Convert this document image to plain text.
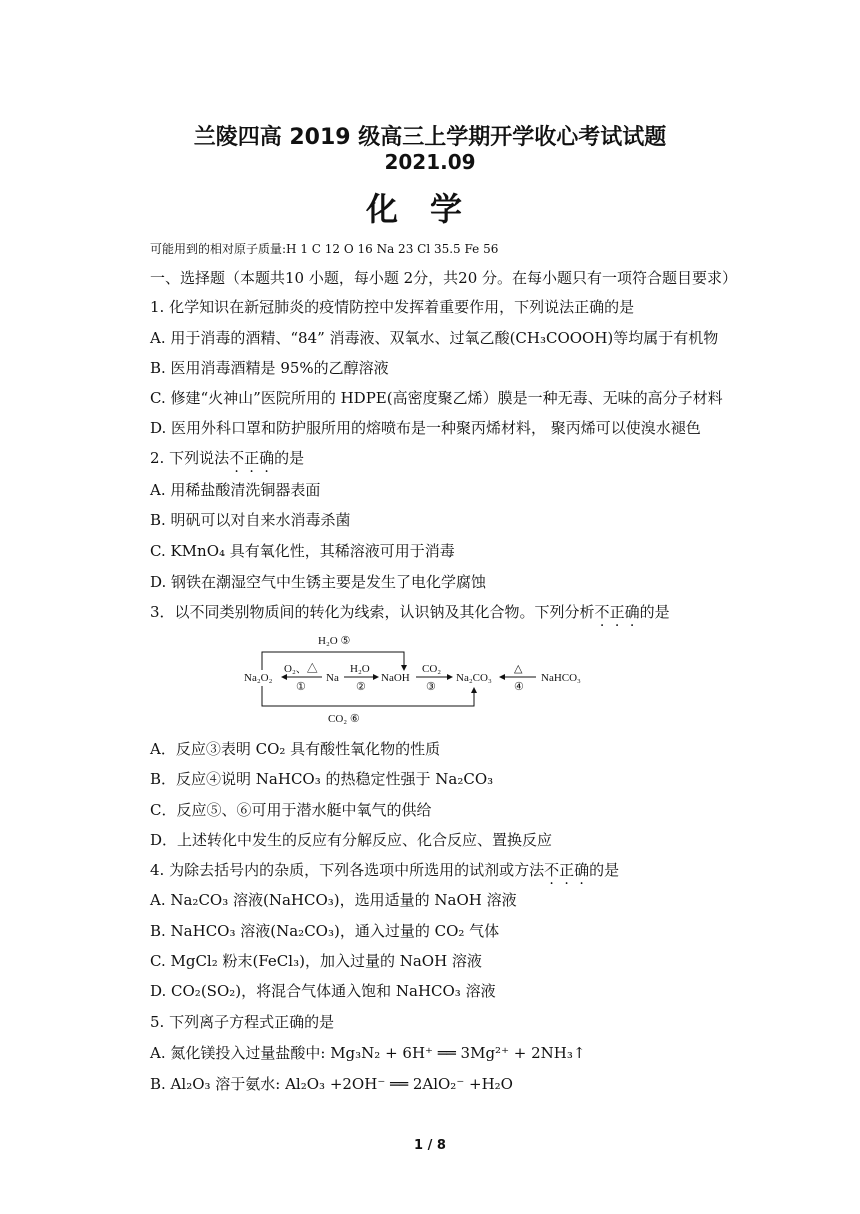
兰陵四高 2019 级高三上学期开学收心考试试题
2021.09
化学
可能用到的相对原子质量:H 1 C 12 O 16 Na 23 Cl 35.5 Fe 56
一、选择题（本题共10 小题，每小题 2分，共20 分。在每小题只有一项符合题目要求）
1. 化学知识在新冠肺炎的疫情防控中发挥着重要作用，下列说法正确的是
A. 用于消毒的酒精、“84” 消毒液、双氧水、过氧乙酸(CH₃COOOH)等均属于有机物
B. 医用消毒酒精是 95%的乙醇溶液
C. 修建“火神山”医院所用的 HDPE(高密度聚乙烯）膜是一种无毒、无味的高分子材料
D. 医用外科口罩和防护服所用的熔喷布是一种聚丙烯材料， 聚丙烯可以使溴水褪色
2. 下列说法不正确的是
A. 用稀盐酸清洗铜器表面
B. 明矾可以对自来水消毒杀菌
C. KMnO₄ 具有氧化性，其稀溶液可用于消毒
D. 钢铁在潮湿空气中生锈主要是发生了电化学腐蚀
3．以不同类别物质间的转化为线索，认识钠及其化合物。下列分析不正确的是
H₂O ⑤
CO₂ ⑥
Na₂O₂
O₂、△
①
Na
H₂O
②
NaOH
CO₂
③
Na₂CO₃
△
④
NaHCO₃
A．反应③表明 CO₂ 具有酸性氧化物的性质
B．反应④说明 NaHCO₃ 的热稳定性强于 Na₂CO₃
C．反应⑤、⑥可用于潜水艇中氧气的供给
D．上述转化中发生的反应有分解反应、化合反应、置换反应
4. 为除去括号内的杂质，下列各选项中所选用的试剂或方法不正确的是
A. Na₂CO₃ 溶液(NaHCO₃)，选用适量的 NaOH 溶液
B. NaHCO₃ 溶液(Na₂CO₃)，通入过量的 CO₂ 气体
C. MgCl₂ 粉末(FeCl₃)，加入过量的 NaOH 溶液
D. CO₂(SO₂)，将混合气体通入饱和 NaHCO₃ 溶液
5. 下列离子方程式正确的是
A. 氮化镁投入过量盐酸中: Mg₃N₂ + 6H⁺ ══ 3Mg²⁺ + 2NH₃↑
B. Al₂O₃ 溶于氨水: Al₂O₃ +2OH⁻ ══ 2AlO₂⁻ +H₂O
1 / 8
